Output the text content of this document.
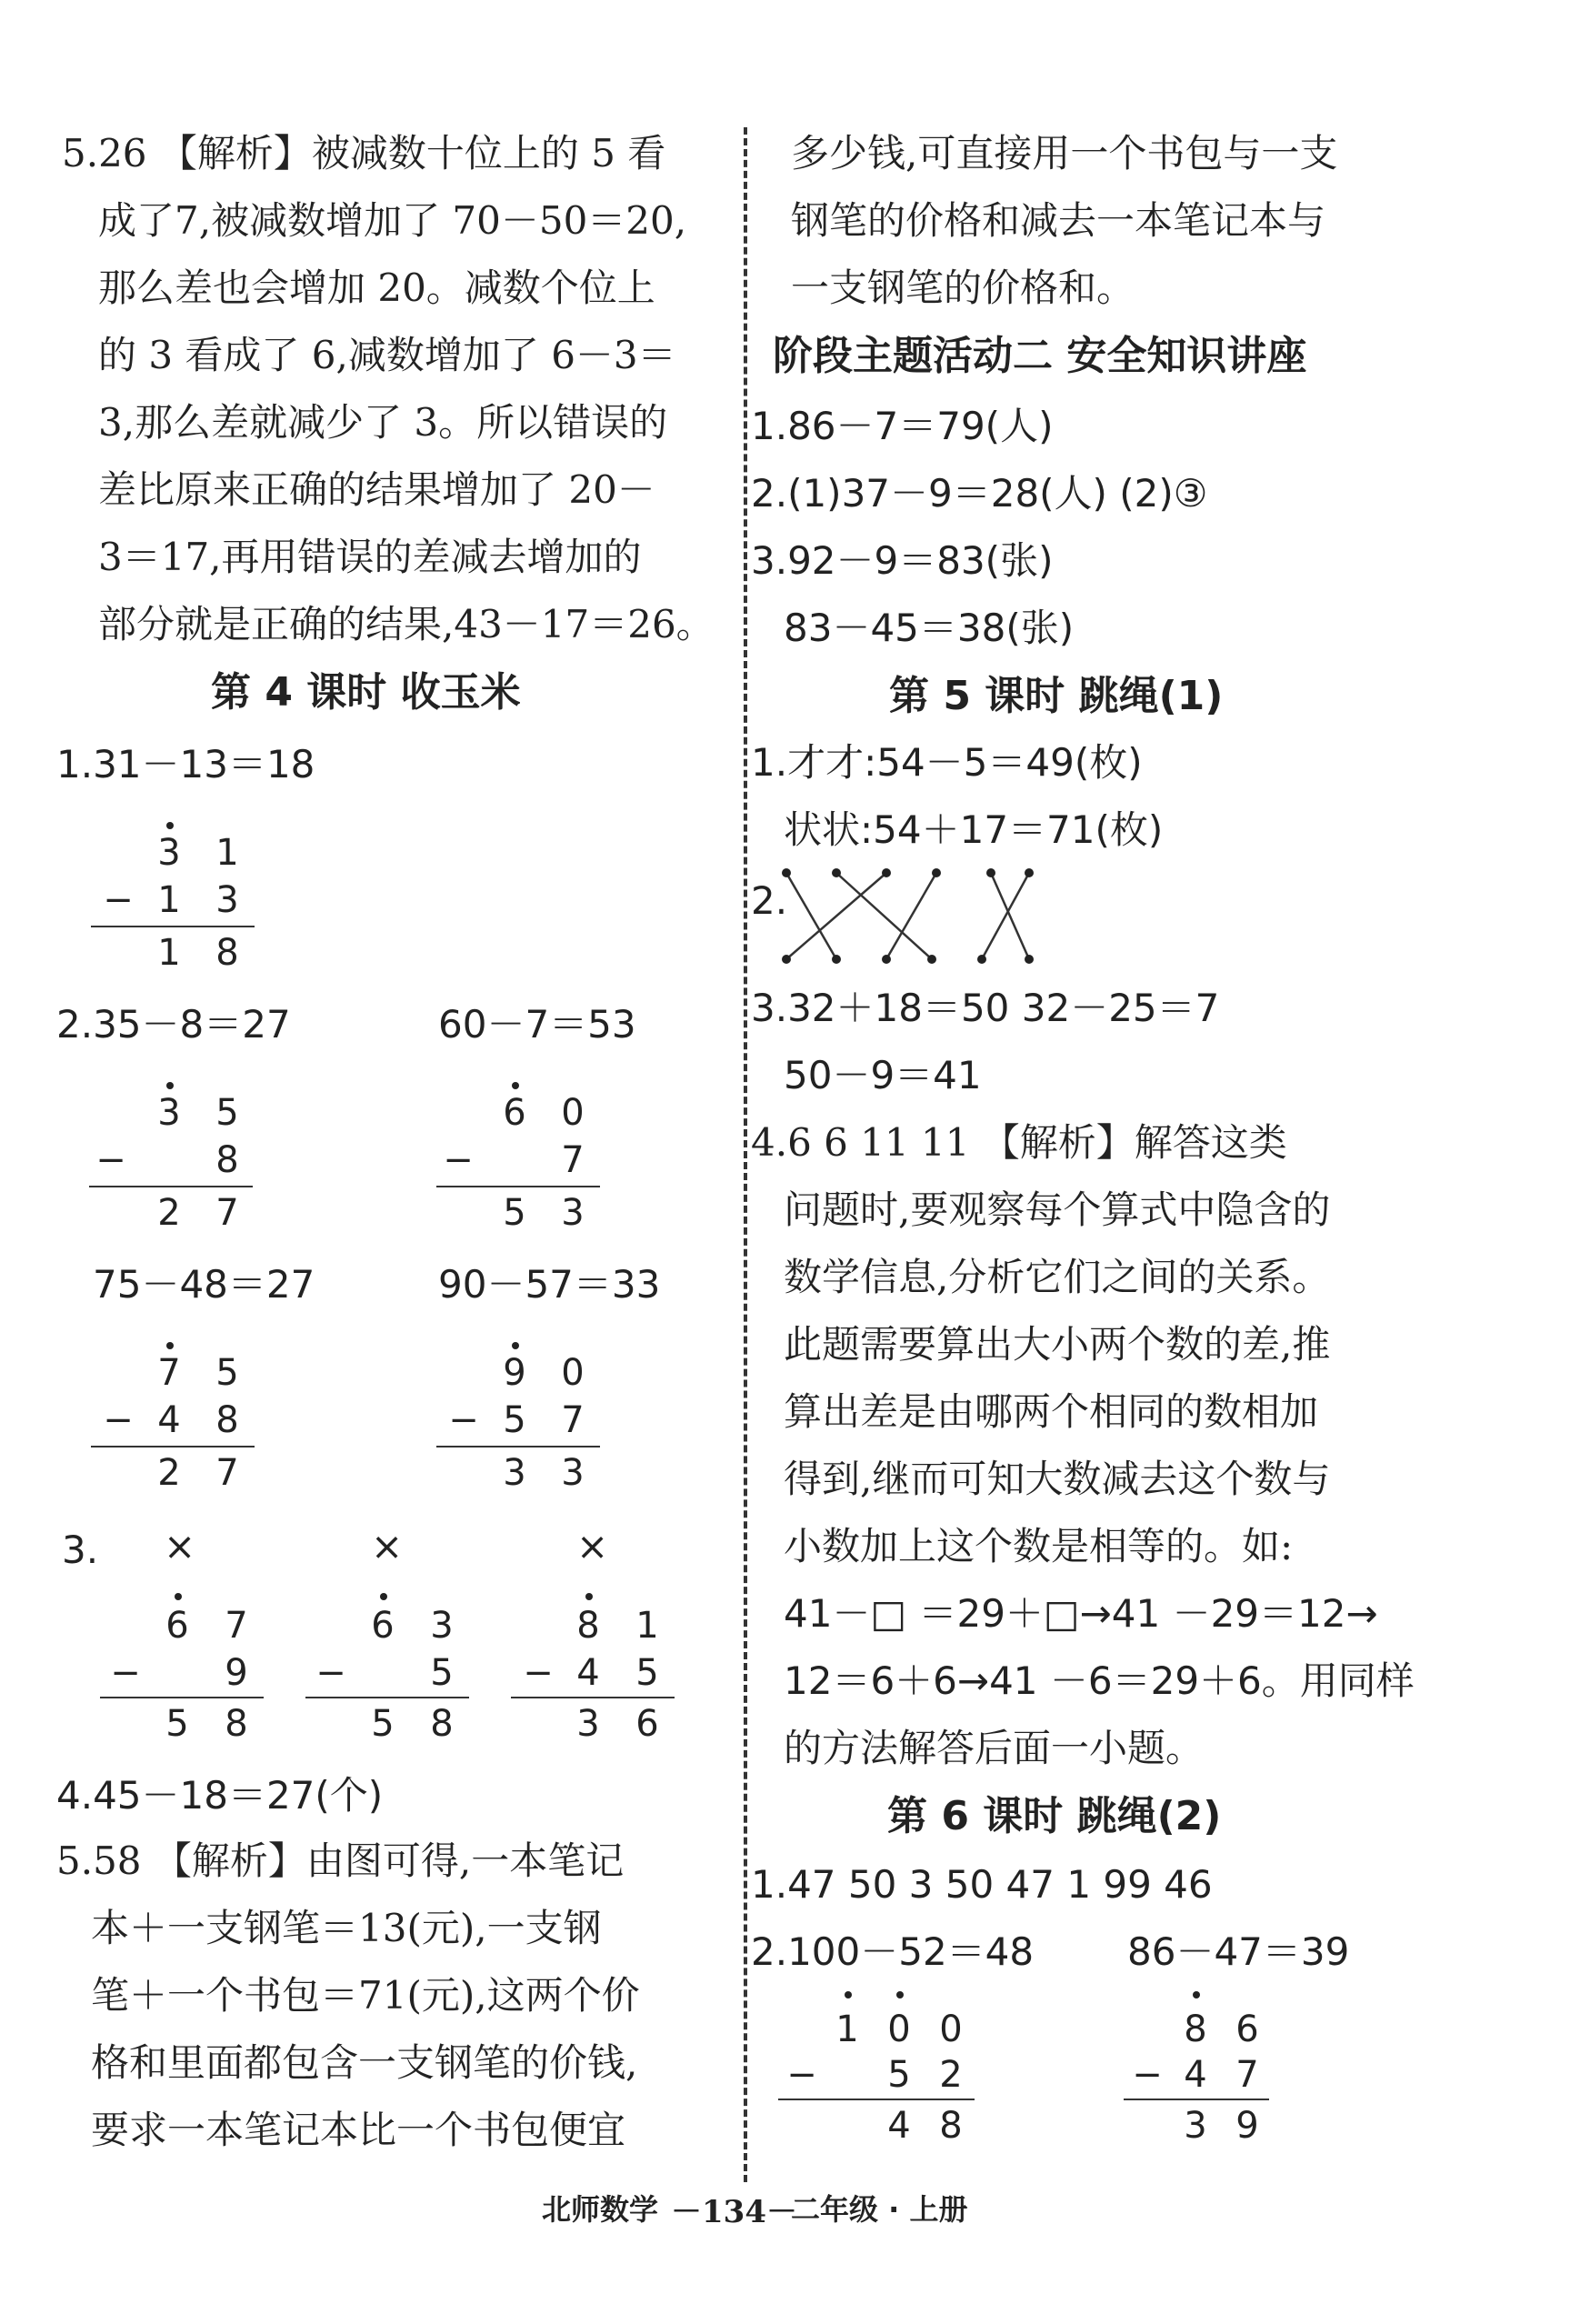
5.26 【解析】被减数十位上的 5 看
成了7,被减数增加了 70－50＝20,
那么差也会增加 20。减数个位上
的 3 看成了 6,减数增加了 6－3＝
3,那么差就减少了 3。所以错误的
差比原来正确的结果增加了 20－
3＝17,再用错误的差减去增加的
部分就是正确的结果,43－17＝26。
第 4 课时 收玉米
1.31－13＝18
3 1
− 1 3
1 8
2.35－8＝27	60－7＝53
3 5
− 8
2 7
6 0
− 7
5 3
75－48＝27	90－57＝33
7 5
− 4 8
2 7
9 0
− 5 7
3 3
3. ×	×	×
6 7
− 9
5 8
6 3
− 5
5 8
8 1
− 4 5
3 6
4.45－18＝27(个)
5.58 【解析】由图可得,一本笔记
本＋一支钢笔＝13(元),一支钢
笔＋一个书包＝71(元),这两个价
格和里面都包含一支钢笔的价钱,
要求一本笔记本比一个书包便宜
多少钱,可直接用一个书包与一支
钢笔的价格和减去一本笔记本与
一支钢笔的价格和。
阶段主题活动二 安全知识讲座
1.86－7＝79(人)
2.(1)37－9＝28(人) (2)③
3.92－9＝83(张)
83－45＝38(张)
第 5 课时 跳绳(1)
1.才才:54－5＝49(枚)
状状:54＋17＝71(枚)
2.
3.32＋18＝50 32－25＝7
50－9＝41
4.6 6 11 11 【解析】解答这类
问题时,要观察每个算式中隐含的
数学信息,分析它们之间的关系。
此题需要算出大小两个数的差,推
算出差是由哪两个相同的数相加
得到,继而可知大数减去这个数与
小数加上这个数是相等的。如:
41－□ ＝29＋□→41 －29＝12→
12＝6＋6→41 －6＝29＋6。用同样
的方法解答后面一小题。
第 6 课时 跳绳(2)
1.47 50 3 50 47 1 99 46
2.100－52＝48 86－47＝39
1 0 0
− 5 2
4 8
8 6
− 4 7
3 9
北师数学 －134－
二年级 · 上册
